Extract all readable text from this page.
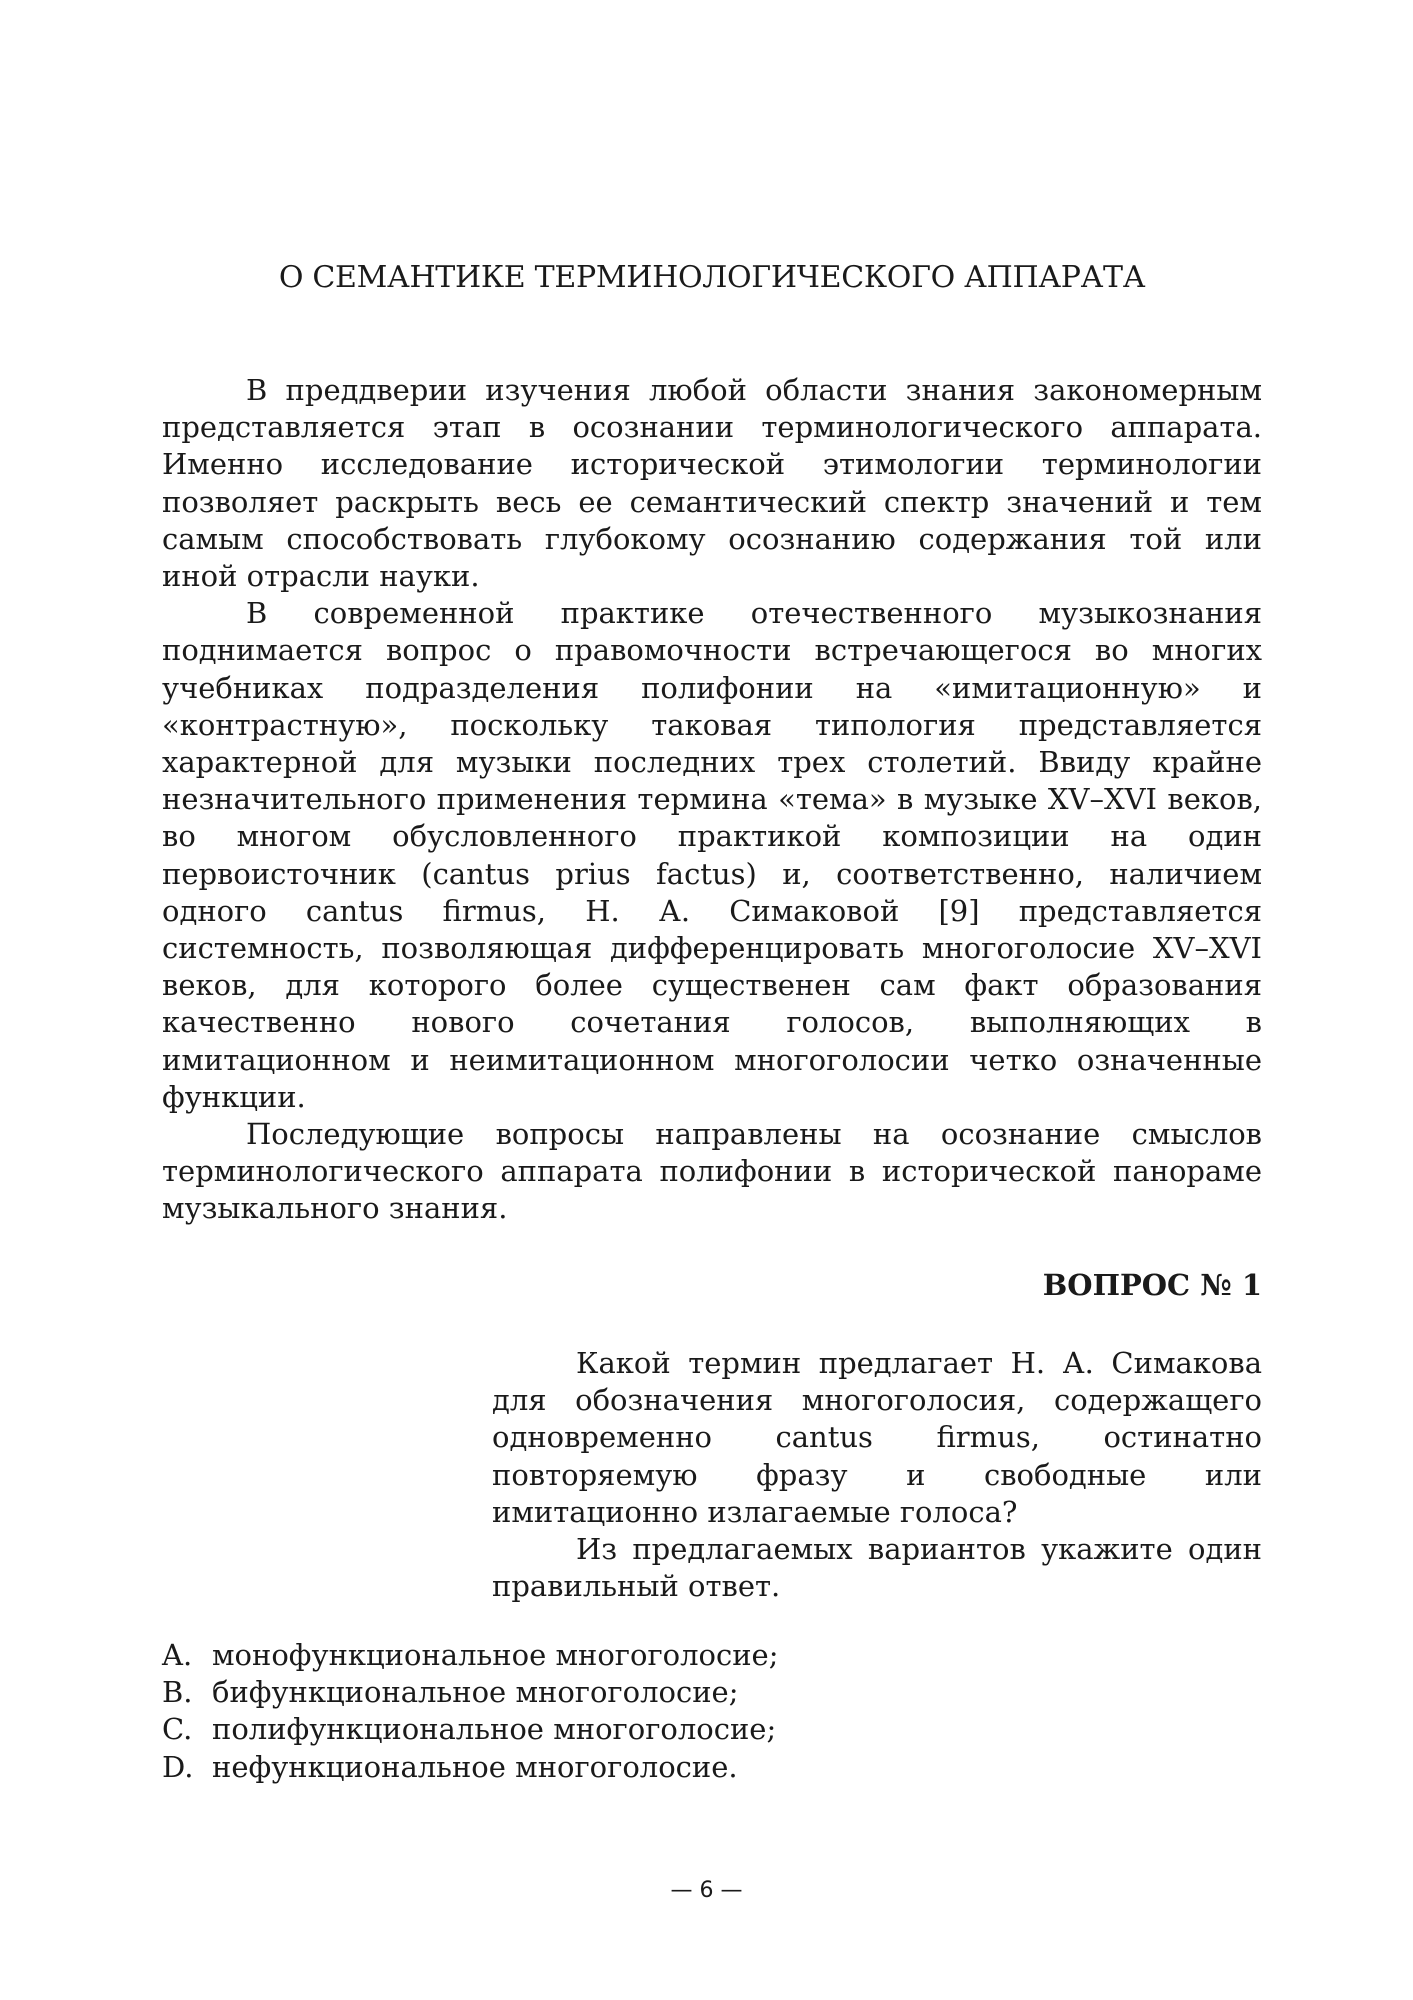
О СЕМАНТИКЕ ТЕРМИНОЛОГИЧЕСКОГО АППАРАТА

В преддверии изучения любой области знания закономерным представляется этап в осознании терминологического аппарата. Именно исследование исторической этимологии терминологии позволяет раскрыть весь ее семантический спектр значений и тем самым способствовать глубокому осознанию содержания той или иной отрасли науки.

В современной практике отечественного музыкознания поднимается вопрос о правомочности встречающегося во многих учебниках подразделения полифонии на «имитационную» и «контрастную», поскольку таковая типология представляется характерной для музыки последних трех столетий. Ввиду крайне незначительного применения термина «тема» в музыке XV–XVI веков, во многом обусловленного практикой композиции на один первоисточник (cantus prius factus) и, соответственно, наличием одного cantus firmus, Н. А. Симаковой [9] представляется системность, позволяющая дифференцировать многоголосие XV–XVI веков, для которого более существенен сам факт образования качественно нового сочетания голосов, выполняющих в имитационном и неимитационном многоголосии четко означенные функции.

Последующие вопросы направлены на осознание смыслов терминологического аппарата полифонии в исторической панораме музыкального знания.

ВОПРОС № 1

Какой термин предлагает Н. А. Симакова для обозначения многоголосия, содержащего одновременно cantus firmus, остинатно повторяемую фразу и свободные или имитационно излагаемые голоса?

Из предлагаемых вариантов укажите один правильный ответ.

A. монофункциональное многоголосие;
B. бифункциональное многоголосие;
C. полифункциональное многоголосие;
D. нефункциональное многоголосие.
— 6 —
